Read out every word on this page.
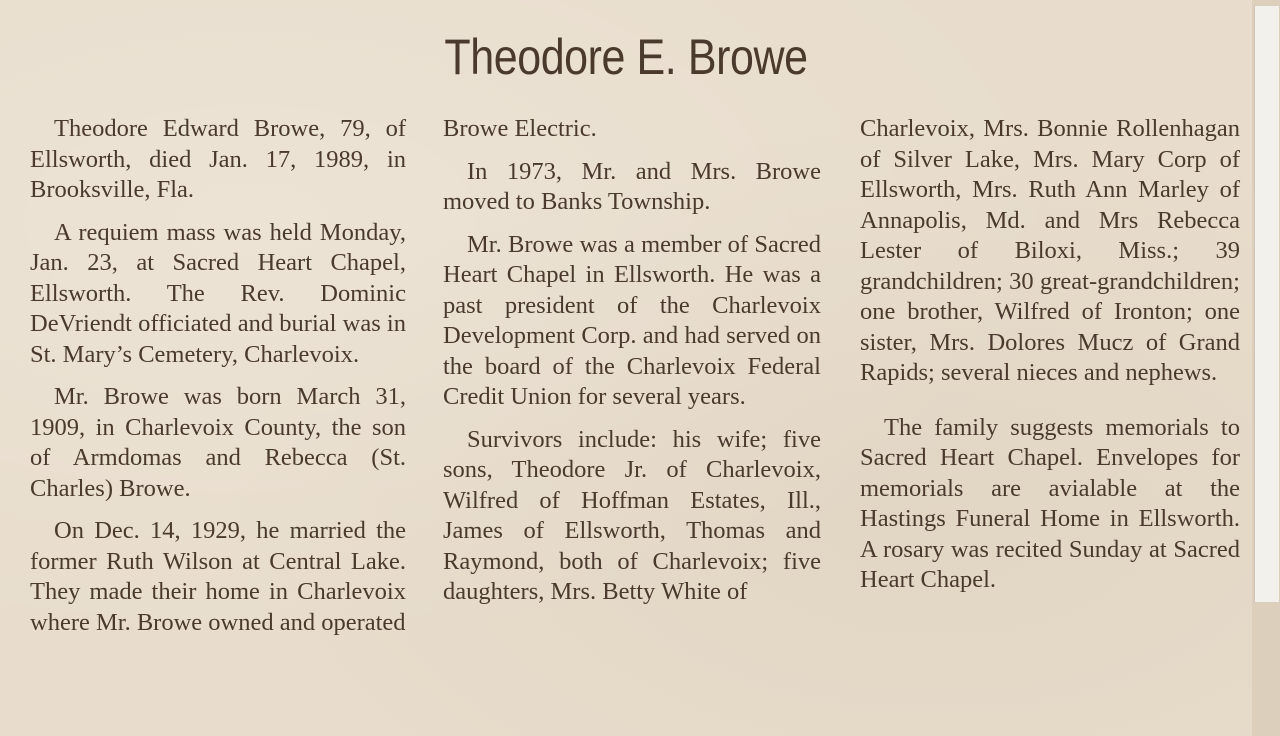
Theodore E. Browe

Theodore Edward Browe, 79, of Ellsworth, died Jan. 17, 1989, in Brooksville, Fla.

A requiem mass was held Monday, Jan. 23, at Sacred Heart Chapel, Ellsworth. The Rev. Dominic DeVriendt officiated and burial was in St. Mary’s Cemetery, Charlevoix.

Mr. Browe was born March 31, 1909, in Charlevoix County, the son of Armdomas and Rebecca (St. Charles) Browe.

On Dec. 14, 1929, he married the former Ruth Wilson at Central Lake. They made their home in Charlevoix where Mr. Browe owned and operated

Browe Electric.

In 1973, Mr. and Mrs. Browe moved to Banks Township.

Mr. Browe was a member of Sacred Heart Chapel in Ellsworth. He was a past president of the Charlevoix Development Corp. and had served on the board of the Charlevoix Federal Credit Union for several years.

Survivors include: his wife; five sons, Theodore Jr. of Charlevoix, Wilfred of Hoffman Estates, Ill., James of Ellsworth, Thomas and Raymond, both of Charlevoix; five daughters, Mrs. Betty White of

Charlevoix, Mrs. Bonnie Rollenhagan of Silver Lake, Mrs. Mary Corp of Ellsworth, Mrs. Ruth Ann Marley of Annapolis, Md. and Mrs Rebecca Lester of Biloxi, Miss.; 39 grandchildren; 30 great-grandchildren; one brother, Wilfred of Ironton; one sister, Mrs. Dolores Mucz of Grand Rapids; several nieces and nephews.

The family suggests memorials to Sacred Heart Chapel. Envelopes for memorials are avialable at the Hastings Funeral Home in Ellsworth. A rosary was recited Sunday at Sacred Heart Chapel.
